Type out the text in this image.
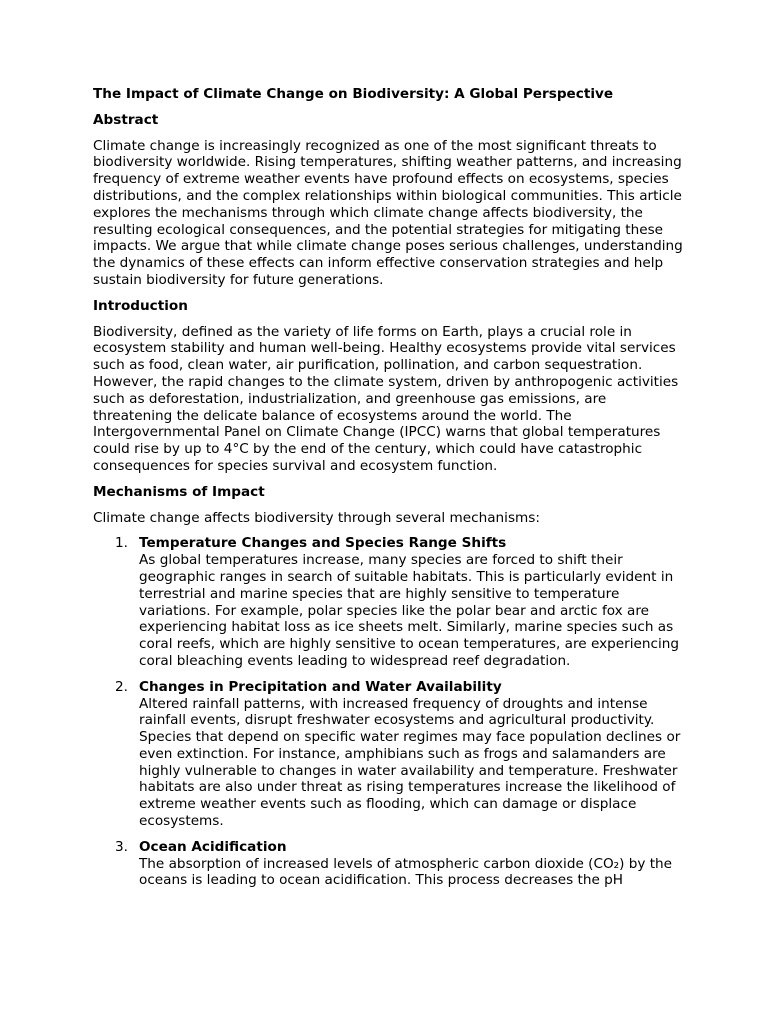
The Impact of Climate Change on Biodiversity: A Global Perspective
Abstract
Climate change is increasingly recognized as one of the most significant threats to biodiversity worldwide. Rising temperatures, shifting weather patterns, and increasing frequency of extreme weather events have profound effects on ecosystems, species distributions, and the complex relationships within biological communities. This article explores the mechanisms through which climate change affects biodiversity, the resulting ecological consequences, and the potential strategies for mitigating these impacts. We argue that while climate change poses serious challenges, understanding the dynamics of these effects can inform effective conservation strategies and help sustain biodiversity for future generations.
Introduction
Biodiversity, defined as the variety of life forms on Earth, plays a crucial role in ecosystem stability and human well-being. Healthy ecosystems provide vital services such as food, clean water, air purification, pollination, and carbon sequestration. However, the rapid changes to the climate system, driven by anthropogenic activities such as deforestation, industrialization, and greenhouse gas emissions, are threatening the delicate balance of ecosystems around the world. The Intergovernmental Panel on Climate Change (IPCC) warns that global temperatures could rise by up to 4°C by the end of the century, which could have catastrophic consequences for species survival and ecosystem function.
Mechanisms of Impact
Climate change affects biodiversity through several mechanisms:
1. Temperature Changes and Species Range Shifts
As global temperatures increase, many species are forced to shift their geographic ranges in search of suitable habitats. This is particularly evident in terrestrial and marine species that are highly sensitive to temperature variations. For example, polar species like the polar bear and arctic fox are experiencing habitat loss as ice sheets melt. Similarly, marine species such as coral reefs, which are highly sensitive to ocean temperatures, are experiencing coral bleaching events leading to widespread reef degradation.
2. Changes in Precipitation and Water Availability
Altered rainfall patterns, with increased frequency of droughts and intense rainfall events, disrupt freshwater ecosystems and agricultural productivity. Species that depend on specific water regimes may face population declines or even extinction. For instance, amphibians such as frogs and salamanders are highly vulnerable to changes in water availability and temperature. Freshwater habitats are also under threat as rising temperatures increase the likelihood of extreme weather events such as flooding, which can damage or displace ecosystems.
3. Ocean Acidification
The absorption of increased levels of atmospheric carbon dioxide (CO₂) by the oceans is leading to ocean acidification. This process decreases the pH
